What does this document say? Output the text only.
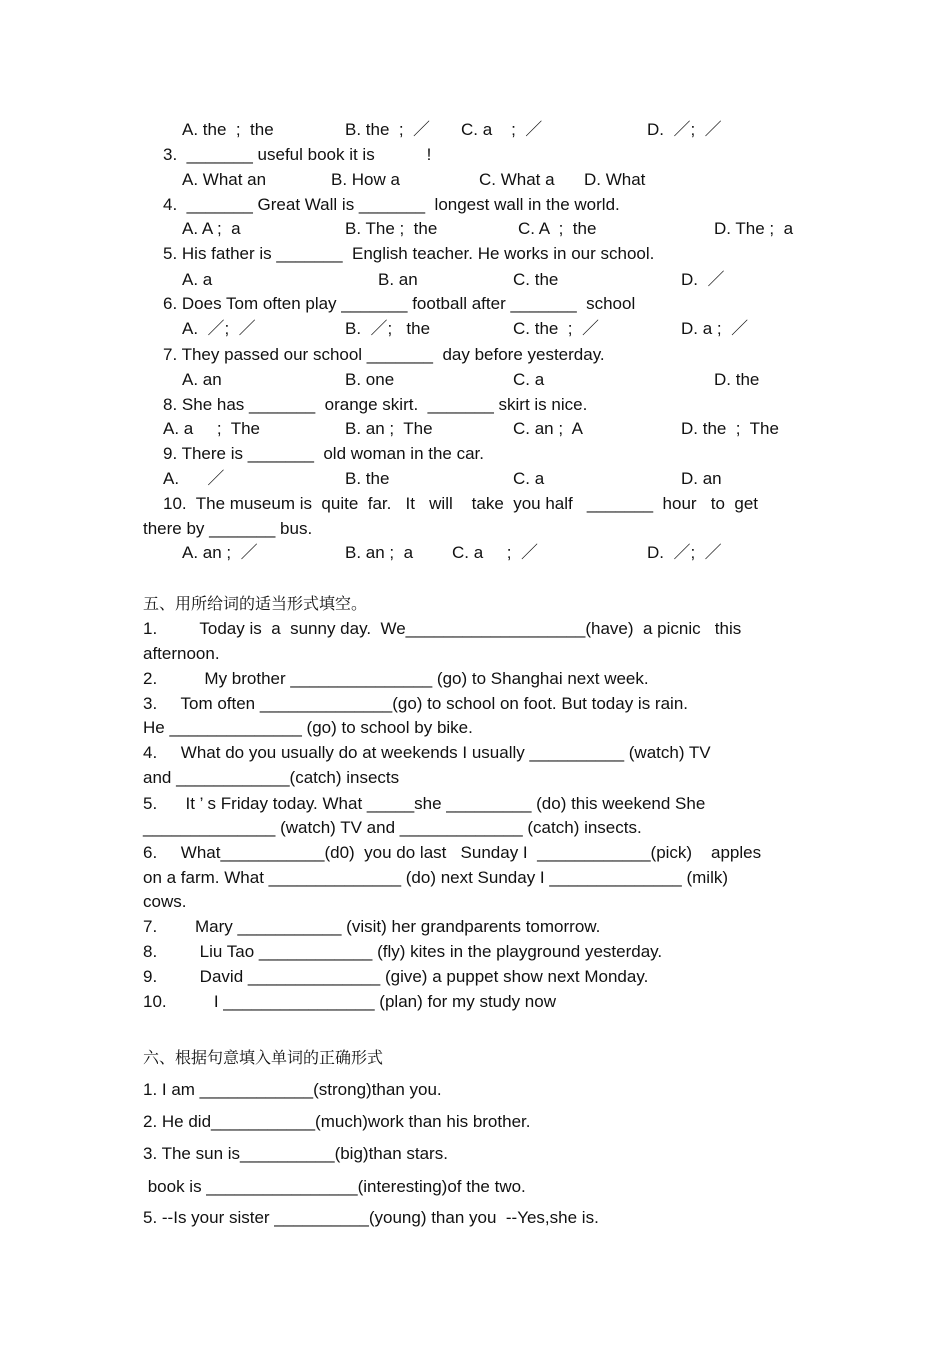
A. the  ;  the	B. the  ;  ／ C. a    ;  ／	D.  ／;  ／
3.  _______ useful book it is           !
A. What an	B. How a	C. What a D. What
4.  _______ Great Wall is _______  longest wall in the world.
A. A ;  a	B. The ;  the	C. A  ;  the	D. The ;  a
5. His father is _______  English teacher. He works in our school.
A. a	B. an	C. the	D.  ／
6. Does Tom often play _______ football after _______  school
A.  ／;  ／	B.  ／;   the	C. the  ;  ／	D. a ;  ／
7. They passed our school _______  day before yesterday.
A. an	B. one	C. a	D. the
8. She has _______  orange skirt.  _______ skirt is nice.
A. a     ;  The	B. an ;  The	C. an ;  A	D. the  ;  The
9. There is _______  old woman in the car.
A.      ／	B. the	C. a	D. an
10.  The museum is  quite  far.   It   will    take  you half   _______  hour   to  get
there by _______ bus.
A. an ;  ／	B. an ;  a C. a     ;  ／	D.  ／;  ／
五、用所给词的适当形式填空。
1.         Today is  a  sunny day.  We___________________(have)  a picnic   this
afternoon.
2.          My brother _______________ (go) to Shanghai next week.
3.     Tom often ______________(go) to school on foot. But today is rain.
He ______________ (go) to school by bike.
4.     What do you usually do at weekends I usually __________ (watch) TV
and ____________(catch) insects
5.      It ’ s Friday today. What _____she _________ (do) this weekend She
______________ (watch) TV and _____________ (catch) insects.
6.     What___________(d0)  you do last   Sunday I  ____________(pick)    apples
on a farm. What ______________ (do) next Sunday I ______________ (milk)
cows.
7.        Mary ___________ (visit) her grandparents tomorrow.
8.         Liu Tao ____________ (fly) kites in the playground yesterday.
9.         David ______________ (give) a puppet show next Monday.
10.          I ________________ (plan) for my study now
六、根据句意填入单词的正确形式
1. I am ____________(strong)than you.
2. He did___________(much)work than his brother.
3. The sun is__________(big)than stars.
book is ________________(interesting)of the two.
5. --Is your sister __________(young) than you  --Yes,she is.
